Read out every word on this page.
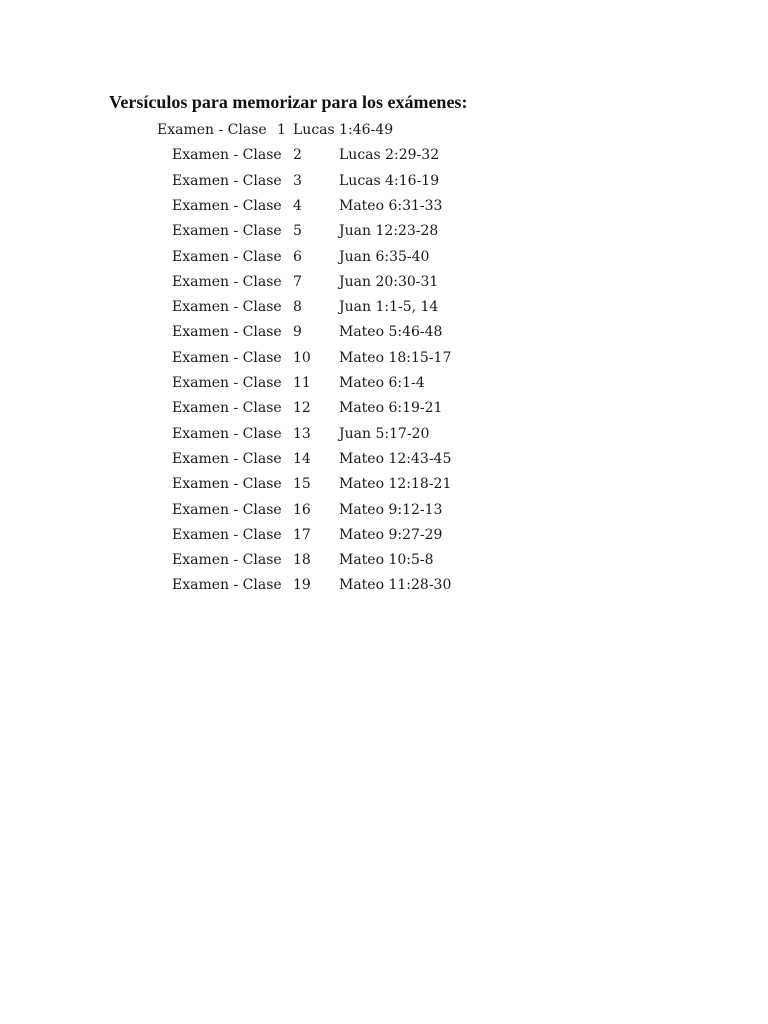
Versículos para memorizar para los exámenes:
Examen - Clase 1 Lucas 1:46-49
Examen - Clase 2	Lucas 2:29-32
Examen - Clase 3	Lucas 4:16-19
Examen - Clase 4	Mateo 6:31-33
Examen - Clase 5	Juan 12:23-28
Examen - Clase 6	Juan 6:35-40
Examen - Clase 7	Juan 20:30-31
Examen - Clase 8	Juan 1:1-5, 14
Examen - Clase 9	Mateo 5:46-48
Examen - Clase 10 Mateo 18:15-17
Examen - Clase 11 Mateo 6:1-4
Examen - Clase 12 Mateo 6:19-21
Examen - Clase 13 Juan 5:17-20
Examen - Clase 14 Mateo 12:43-45
Examen - Clase 15 Mateo 12:18-21
Examen - Clase 16 Mateo 9:12-13
Examen - Clase 17 Mateo 9:27-29
Examen - Clase 18 Mateo 10:5-8
Examen - Clase 19 Mateo 11:28-30
